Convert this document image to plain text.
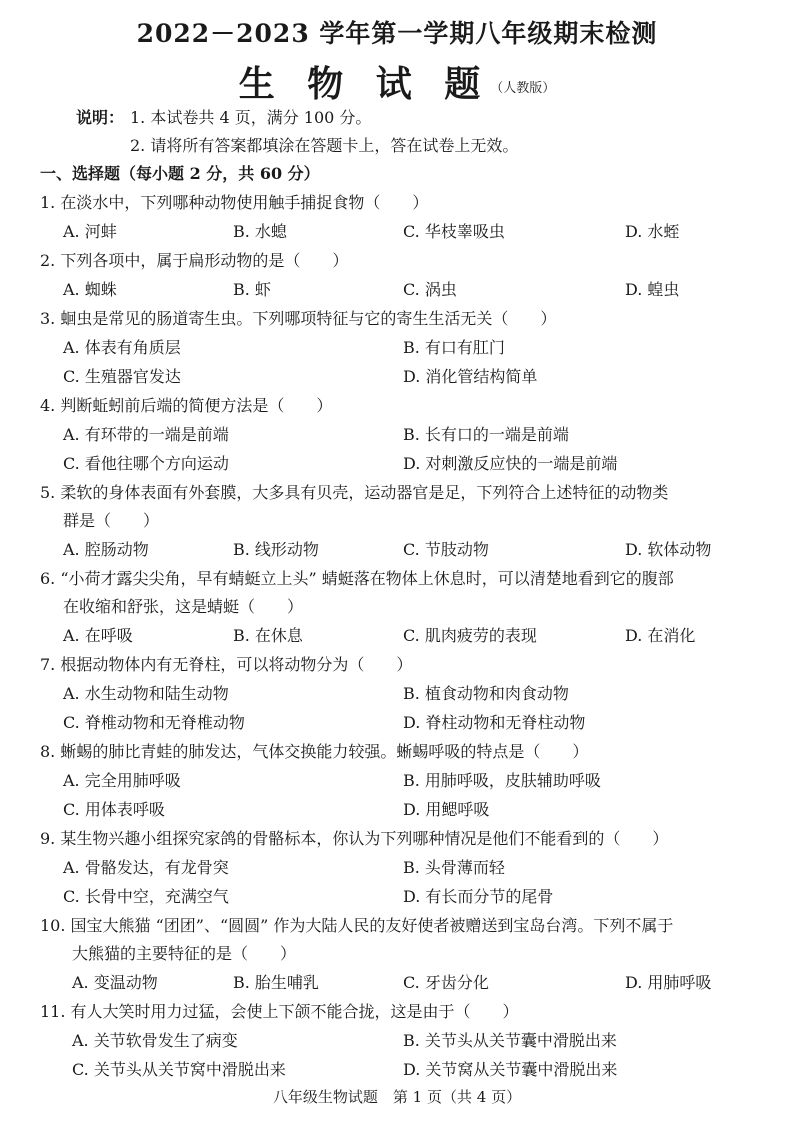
2022－2023 学年第一学期八年级期末检测
生 物 试 题（人教版）
说明： 1. 本试卷共 4 页，满分 100 分。
2. 请将所有答案都填涂在答题卡上，答在试卷上无效。
一、选择题（每小题 2 分，共 60 分）
1. 在淡水中，下列哪种动物使用触手捕捉食物（　　）
A. 河蚌	B. 水螅	C. 华枝睾吸虫	D. 水蛭
2. 下列各项中，属于扁形动物的是（　　）
A. 蜘蛛	B. 虾	C. 涡虫	D. 蝗虫
3. 蛔虫是常见的肠道寄生虫。下列哪项特征与它的寄生生活无关（　　）
A. 体表有角质层	B. 有口有肛门
C. 生殖器官发达	D. 消化管结构简单
4. 判断蚯蚓前后端的简便方法是（　　）
A. 有环带的一端是前端	B. 长有口的一端是前端
C. 看他往哪个方向运动	D. 对刺激反应快的一端是前端
5. 柔软的身体表面有外套膜，大多具有贝壳，运动器官是足，下列符合上述特征的动物类
群是（　　）
A. 腔肠动物	B. 线形动物	C. 节肢动物	D. 软体动物
6. “小荷才露尖尖角，早有蜻蜓立上头” 蜻蜓落在物体上休息时，可以清楚地看到它的腹部
在收缩和舒张，这是蜻蜓（　　）
A. 在呼吸	B. 在休息	C. 肌肉疲劳的表现	D. 在消化
7. 根据动物体内有无脊柱，可以将动物分为（　　）
A. 水生动物和陆生动物	B. 植食动物和肉食动物
C. 脊椎动物和无脊椎动物	D. 脊柱动物和无脊柱动物
8. 蜥蜴的肺比青蛙的肺发达，气体交换能力较强。蜥蜴呼吸的特点是（　　）
A. 完全用肺呼吸	B. 用肺呼吸，皮肤辅助呼吸
C. 用体表呼吸	D. 用鳃呼吸
9. 某生物兴趣小组探究家鸽的骨骼标本，你认为下列哪种情况是他们不能看到的（　　）
A. 骨骼发达，有龙骨突	B. 头骨薄而轻
C. 长骨中空，充满空气	D. 有长而分节的尾骨
10. 国宝大熊猫 “团团”、“圆圆” 作为大陆人民的友好使者被赠送到宝岛台湾。下列不属于
大熊猫的主要特征的是（　　）
A. 变温动物	B. 胎生哺乳	C. 牙齿分化	D. 用肺呼吸
11. 有人大笑时用力过猛，会使上下颌不能合拢，这是由于（　　）
A. 关节软骨发生了病变	B. 关节头从关节囊中滑脱出来
C. 关节头从关节窝中滑脱出来	D. 关节窝从关节囊中滑脱出来
八年级生物试题　第 1 页（共 4 页）
